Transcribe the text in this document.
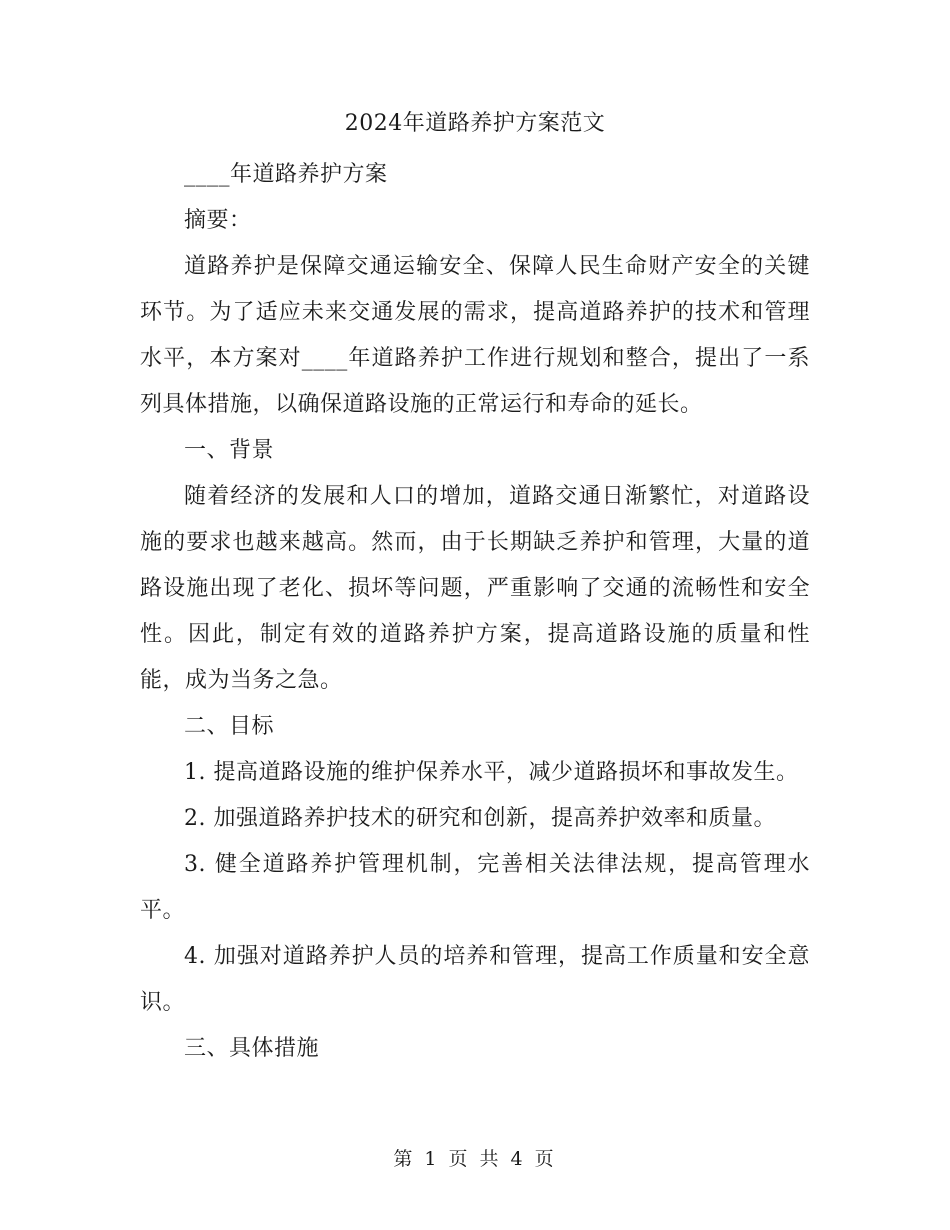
2024年道路养护方案范文

____年道路养护方案

摘要：

道路养护是保障交通运输安全、保障人民生命财产安全的关键环节。为了适应未来交通发展的需求，提高道路养护的技术和管理水平，本方案对____年道路养护工作进行规划和整合，提出了一系列具体措施，以确保道路设施的正常运行和寿命的延长。

一、背景

随着经济的发展和人口的增加，道路交通日渐繁忙，对道路设施的要求也越来越高。然而，由于长期缺乏养护和管理，大量的道路设施出现了老化、损坏等问题，严重影响了交通的流畅性和安全性。因此，制定有效的道路养护方案，提高道路设施的质量和性能，成为当务之急。

二、目标

1. 提高道路设施的维护保养水平，减少道路损坏和事故发生。

2. 加强道路养护技术的研究和创新，提高养护效率和质量。

3. 健全道路养护管理机制，完善相关法律法规，提高管理水平。

4. 加强对道路养护人员的培养和管理，提高工作质量和安全意识。

三、具体措施

第 1 页 共 4 页
